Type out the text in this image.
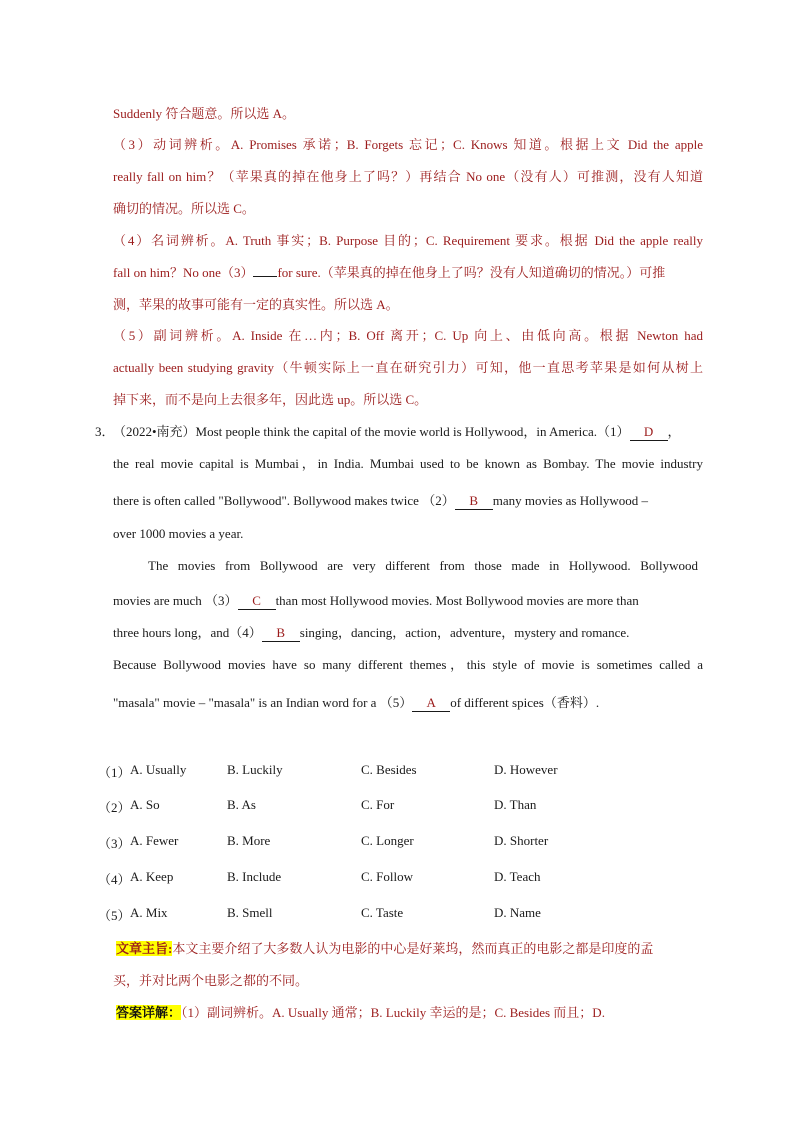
Suddenly 符合题意。所以选 A。
（3）动词辨析。A. Promises 承诺；B. Forgets 忘记；C. Knows 知道。根据上文 Did the apple
really fall on him？（苹果真的掉在他身上了吗？）再结合 No one（没有人）可推测，没有人知道
确切的情况。所以选 C。
（4）名词辨析。A. Truth 事实；B. Purpose 目的；C. Requirement 要求。根据 Did the apple really
fall on him？No one（3） for sure.（苹果真的掉在他身上了吗？没有人知道确切的情况。）可推
测，苹果的故事可能有一定的真实性。所以选 A。
（5）副词辨析。A. Inside 在…内；B. Off 离开；C. Up 向上、由低向高。根据 Newton had
actually been studying gravity（牛顿实际上一直在研究引力）可知，他一直思考苹果是如何从树上
掉下来，而不是向上去很多年，因此选 up。所以选 C。
3．
（2022•南充）Most people think the capital of the movie world is Hollywood，in America.（1） D ，
the real movie capital is Mumbai，in India. Mumbai used to be known as Bombay. The movie industry
there is often called "Bollywood". Bollywood makes twice （2） B many movies as Hollywood –
over 1000 movies a year.
The movies from Bollywood are very different from those made in Hollywood. Bollywood
movies are much （3） C than most Hollywood movies. Most Bollywood movies are more than
three hours long，and（4） B singing，dancing，action，adventure，mystery and romance.
Because Bollywood movies have so many different themes，this style of movie is sometimes called a
"masala" movie – "masala" is an Indian word for a （5） A of different spices（香料）.
（1） A. Usually	B. Luckily	C. Besides	D. However
（2） A. So	B. As	C. For	D. Than
（3） A. Fewer	B. More	C. Longer	D. Shorter
（4） A. Keep	B. Include	C. Follow	D. Teach
（5） A. Mix	B. Smell	C. Taste	D. Name
文章主旨:本文主要介绍了大多数人认为电影的中心是好莱坞，然而真正的电影之都是印度的孟
买，并对比两个电影之都的不同。
答案详解：（1）副词辨析。A. Usually 通常；B. Luckily 幸运的是；C. Besides 而且；D.
